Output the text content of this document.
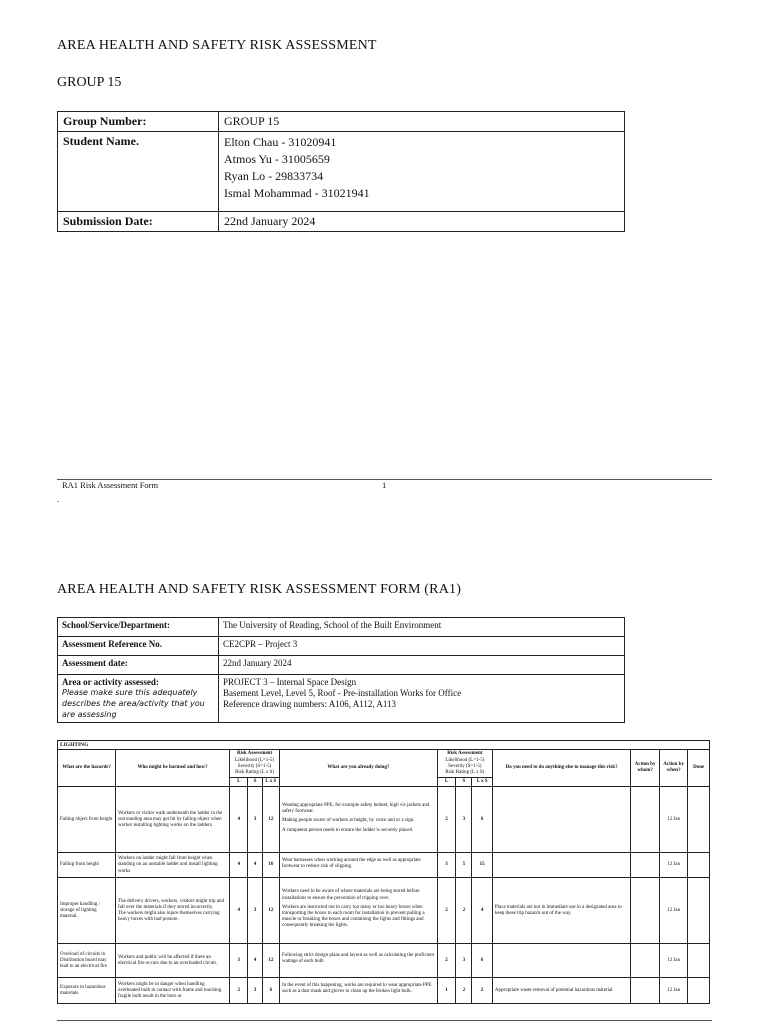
AREA HEALTH AND SAFETY RISK ASSESSMENT
GROUP 15
Group Number:	GROUP 15
Student Name.	Elton Chau - 31020941
Atmos Yu - 31005659
Ryan Lo - 29833734
Ismal Mohammad - 31021941

Submission Date:	22nd January 2024
RA1 Risk Assessment Form	1
.
AREA HEALTH AND SAFETY RISK ASSESSMENT FORM (RA1)
School/Service/Department:	The University of Reading, School of the Built Environment
Assessment Reference No.	CE2CPR – Project 3
Assessment date:	22nd January 2024
Area or activity assessed:
Please make sure this adequately describes the area/activity that you are assessing	PROJECT 3 – Internal Space Design
Basement Level, Level 5, Roof - Pre-installation Works for Office
Reference drawing numbers: A106, A112, A113
LIGHTING												
What are the hazards?	Who might be harmed and how?	Risk Assessment
Likelihood (L=1-5)
Severity (S=1-5)
Risk Rating (L x S)			What are you already doing?	Risk Assessment
Likelihood (L=1-5)
Severity (S=1-5)
Risk Rating (L x S)			Do you need to do anything else to manage this risk?	Action by whom?	Action by when?	Done
		L	S	L x S		L	S	L x S				
Falling object from height	Workers or visitor walk underneath the ladder in the surrounding area may get hit by falling object when worker installing lighting works on the ladders.	4	3	12	Wearing appropriate PPE, for example safety helmet, high vis jackets and safety footwear.
Making people aware of workers at height, by voice and or a sign.
A competent person needs to ensure the ladder is securely placed.	2	3	6			12 Jan	
Falling from height	Workers on ladder might fall from height when standing on an unstable ladder and install lighting works	4	4	16	Wear harnesses when working around the edge as well as appropriate footwear to reduce risk of slipping.	3	5	15			12 Jan	
Improper handling / storage of lighting material.	The delivery drivers, workers, visitors might trip and fall over the materials if they stored incorrectly.
The workers might also injure themselves carrying heavy boxes with bad posture.	4	3	12	Workers need to be aware of where materials are being stored before installations to ensure the prevention of tripping over.
Workers are instructed not to carry too many or too heavy boxes when transporting the boxes to each room for installation to prevent pulling a muscle or breaking the boxes and containing the lights and fittings and consequently breaking the lights.	2	2	4	Place materials are not in immediate use in a designated area to keep these trip hazards out of the way.		12 Jan	
Overload of circuits in Distribution board may lead to an electrical fire	Workers and public will be affected if there an electrical fire occurs due to an overloaded circuit.	3	4	12	Following strict design plans and layout as well as calculating the proficient wattage of each bulb	2	3	6			12 Jan	
Exposure to hazardous materials	Workers might be in danger when handling overheated bulb in contact with frame and touching fragile bulb result in the burn or	2	3	6	In the event of this happening, works are required to wear appropriate PPE such as a dust mask and gloves to clean up the broken light bulb.	1	2	2	Appropriate waste removal of potential hazardous material		12 Jan	
